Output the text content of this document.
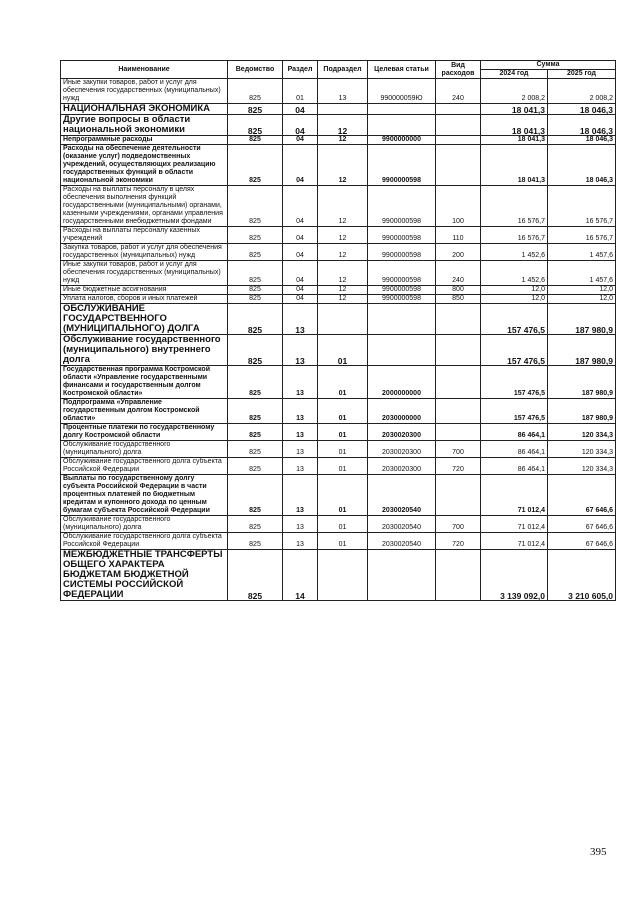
Наименование	Ведомство	Раздел	Подраздел	Целевая статьи	Вид расходов	Сумма	
						2024 год	2025 год
Иные закупки товаров, работ и услуг для обеспечения государственных (муниципальных) нужд	825	01	13	990000059Ю	240	2 008,2	2 008,2
НАЦИОНАЛЬНАЯ ЭКОНОМИКА	825	04				18 041,3	18 046,3
Другие вопросы в области национальной экономики	825	04	12			18 041,3	18 046,3
Непрограммные расходы	825	04	12	9900000000		18 041,3	18 046,3
Расходы на обеспечение деятельности (оказание услуг) подведомственных учреждений, осуществляющих реализацию государственных функций в области национальной экономики	825	04	12	9900000598		18 041,3	18 046,3
Расходы на выплаты персоналу в целях обеспечения выполнения функций государственными (муниципальными) органами, казенными учреждениями, органами управления государственными внебюджетными фондами	825	04	12	9900000598	100	16 576,7	16 576,7
Расходы на выплаты персоналу казенных учреждений	825	04	12	9900000598	110	16 576,7	16 576,7
Закупка товаров, работ и услуг для обеспечения государственных (муниципальных) нужд	825	04	12	9900000598	200	1 452,6	1 457,6
Иные закупки товаров, работ и услуг для обеспечения государственных (муниципальных) нужд	825	04	12	9900000598	240	1 452,6	1 457,6
Иные бюджетные ассигнования	825	04	12	9900000598	800	12,0	12,0
Уплата налогов, сборов и иных платежей	825	04	12	9900000598	850	12,0	12,0
ОБСЛУЖИВАНИЕ ГОСУДАРСТВЕННОГО (МУНИЦИПАЛЬНОГО) ДОЛГА	825	13				157 476,5	187 980,9
Обслуживание государственного (муниципального) внутреннего долга	825	13	01			157 476,5	187 980,9
Государственная программа Костромской области «Управление государственными финансами и государственным долгом Костромской области»	825	13	01	2000000000		157 476,5	187 980,9
Подпрограмма «Управление государственным долгом Костромской области»	825	13	01	2030000000		157 476,5	187 980,9
Процентные платежи по государственному долгу Костромской области	825	13	01	2030020300		86 464,1	120 334,3
Обслуживание государственного (муниципального) долга	825	13	01	2030020300	700	86 464,1	120 334,3
Обслуживание государственного долга субъекта Российской Федерации	825	13	01	2030020300	720	86 464,1	120 334,3
Выплаты по государственному долгу субъекта Российской Федерации в части процентных платежей по бюджетным кредитам и купонного дохода по ценным бумагам субъекта Российской Федерации	825	13	01	2030020540		71 012,4	67 646,6
Обслуживание государственного (муниципального) долга	825	13	01	2030020540	700	71 012,4	67 646,6
Обслуживание государственного долга субъекта Российской Федерации	825	13	01	2030020540	720	71 012,4	67 646,6
МЕЖБЮДЖЕТНЫЕ ТРАНСФЕРТЫ ОБЩЕГО ХАРАКТЕРА БЮДЖЕТАМ БЮДЖЕТНОЙ СИСТЕМЫ РОССИЙСКОЙ ФЕДЕРАЦИИ	825	14				3 139 092,0	3 210 605,0
395
